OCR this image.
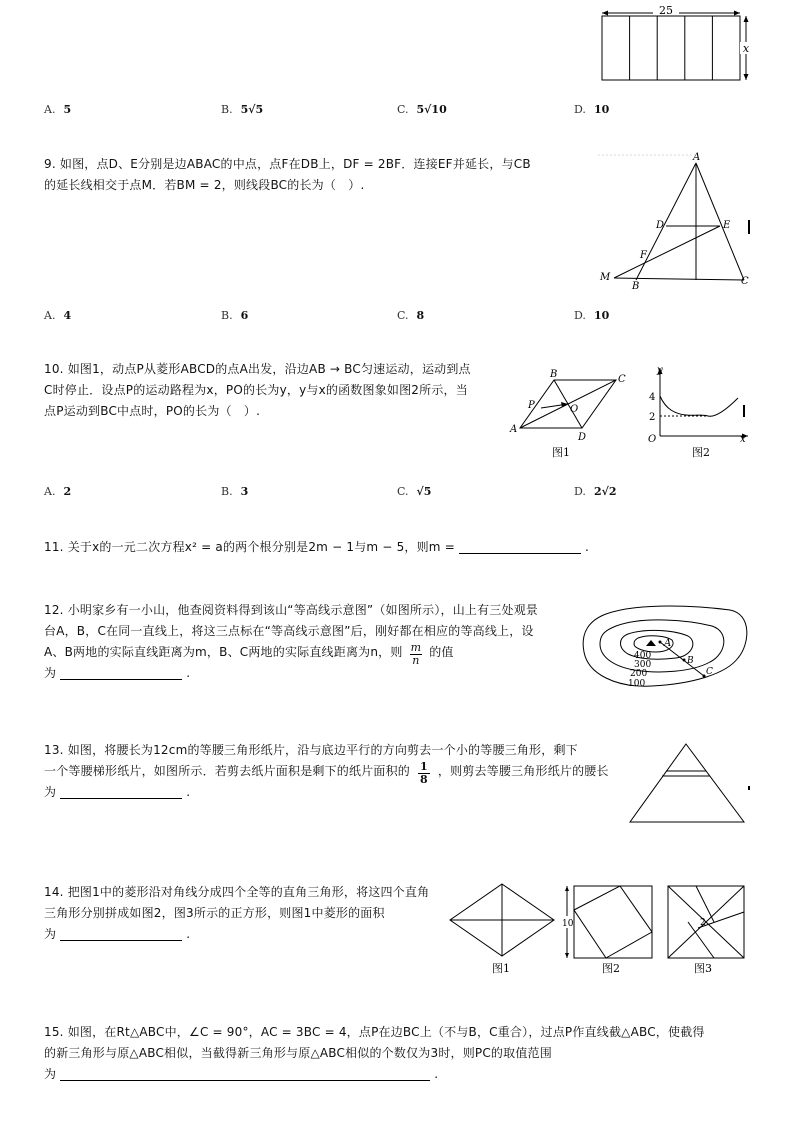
25
x
A. 5	B. 5√5	C. 5√10	D. 10
9. 如图，点D、E分别是边ABAC的中点，点F在DB上，DF = 2BF．连接EF并延长，与CB
的延长线相交于点M．若BM = 2，则线段BC的长为（　）.
A
D	E
F
M
B	C
A. 4	B. 6	C. 8	D. 10
10. 如图1，动点P从菱形ABCD的点A出发，沿边AB → BC匀速运动，运动到点
C时停止．设点P的运动路程为x，PO的长为y，y与x的函数图象如图2所示，当
点P运动到BC中点时，PO的长为（　）.
B	C
P	O
A
D
图1
y
x
O
4
2
图2
A. 2	B. 3	C. √5	D. 2√2
11. 关于x的一元二次方程x² = a的两个根分别是2m − 1与m − 5，则m =	.
12. 小明家乡有一小山，他查阅资料得到该山“等高线示意图”（如图所示），山上有三处观景
台A，B，C在同一直线上，将这三点标在“等高线示意图”后，刚好都在相应的等高线上，设
A、B两地的实际直线距离为m，B、C两地的实际直线距离为n，则 $\frac{m}{n}$ 的值
为	.
A
B
C
400
300
200
100
13. 如图，将腰长为12cm的等腰三角形纸片，沿与底边平行的方向剪去一个小的等腰三角形，剩下
一个等腰梯形纸片，如图所示．若剪去纸片面积是剩下的纸片面积的 $\frac{1}{8}$ ，则剪去等腰三角形纸片的腰长
为	.
14. 把图1中的菱形沿对角线分成四个全等的直角三角形，将这四个直角
三角形分别拼成如图2，图3所示的正方形，则图1中菱形的面积
为	.
图1
10
图2
2
图3
15. 如图，在Rt△ABC中，∠C = 90°，AC = 3BC = 4，点P在边BC上（不与B，C重合），过点P作直线截△ABC，使截得
的新三角形与原△ABC相似，当截得新三角形与原△ABC相似的个数仅为3时，则PC的取值范围
为	.
